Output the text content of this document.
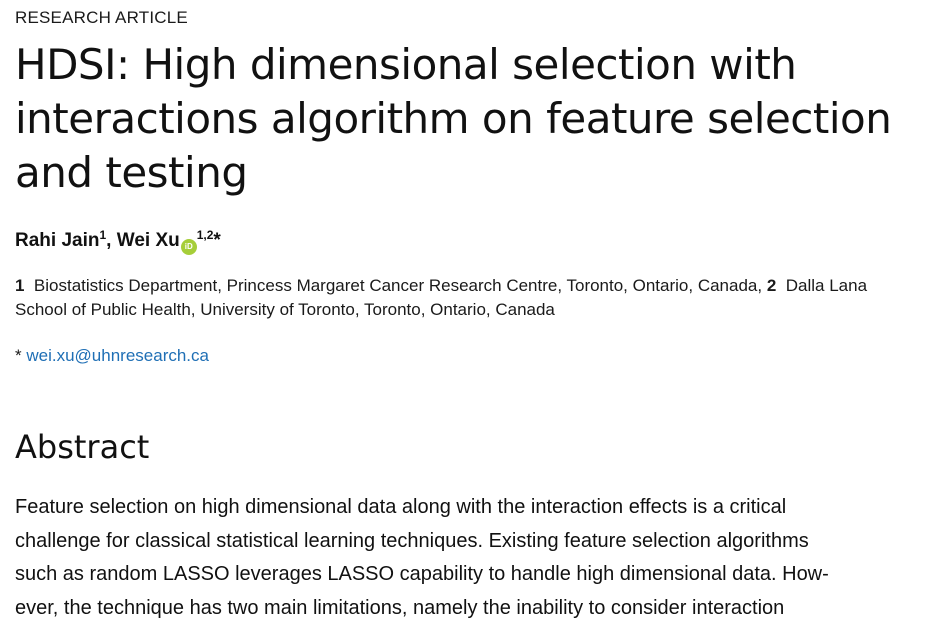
RESEARCH ARTICLE
HDSI: High dimensional selection with
interactions algorithm on feature selection
and testing
Rahi Jain$^1$, Wei Xu iD$^{1,2}$*
1 Biostatistics Department, Princess Margaret Cancer Research Centre, Toronto, Ontario, Canada, 2 Dalla Lana School of Public Health, University of Toronto, Toronto, Ontario, Canada
* wei.xu@uhnresearch.ca
Abstract
Feature selection on high dimensional data along with the interaction effects is a critical
challenge for classical statistical learning techniques. Existing feature selection algorithms
such as random LASSO leverages LASSO capability to handle high dimensional data. How-
ever, the technique has two main limitations, namely the inability to consider interaction
